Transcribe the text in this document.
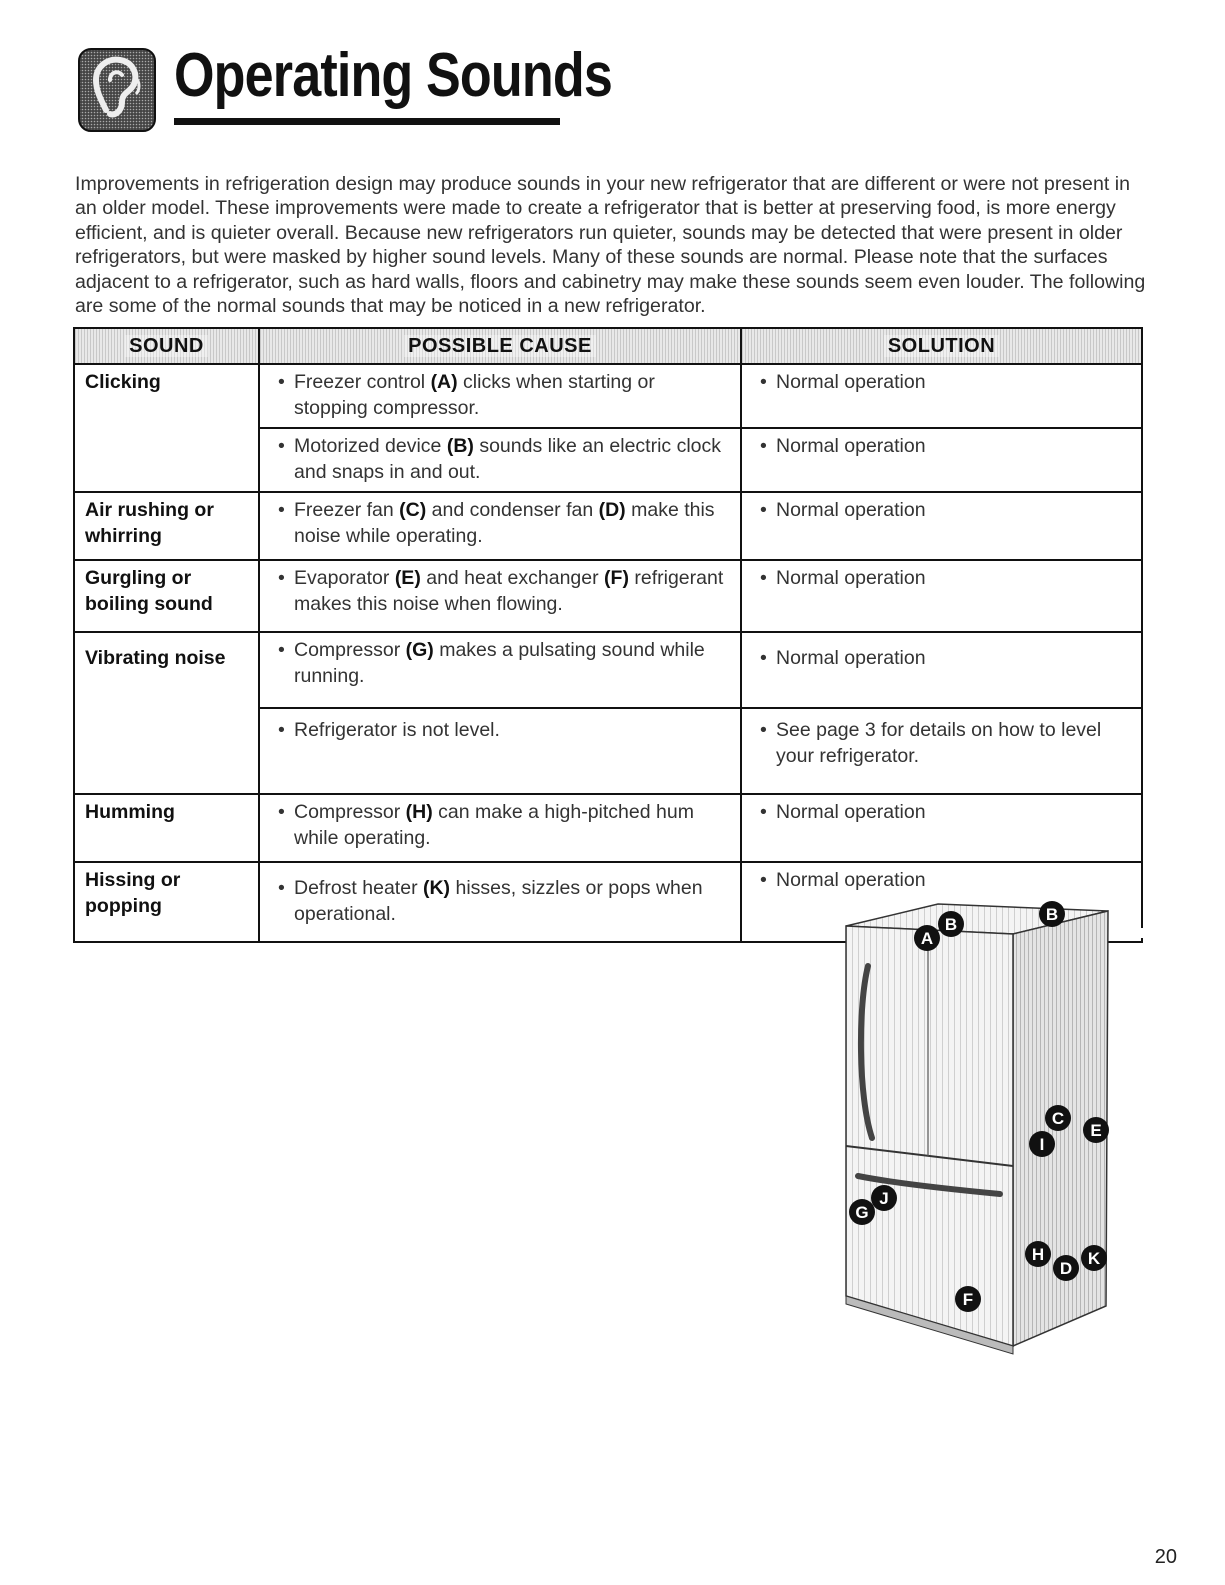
Operating Sounds

Improvements in refrigeration design may produce sounds in your new refrigerator that are different or were not present in an older model. These improvements were made to create a refrigerator that is better at preserving food, is more energy efficient, and is quieter overall. Because new refrigerators run quieter, sounds may be detected that were present in older refrigerators, but were masked by higher sound levels. Many of these sounds are normal. Please note that the surfaces adjacent to a refrigerator, such as hard walls, floors and cabinetry may make these sounds seem even louder. The following are some of the normal sounds that may be noticed in a new refrigerator.

SOUND	POSSIBLE CAUSE	SOLUTION
Clicking	• Freezer control (A) clicks when starting or stopping compressor.	• Normal operation

	• Motorized device (B) sounds like an electric clock and snaps in and out.	• Normal operation

Air rushing or whirring	• Freezer fan (C) and condenser fan (D) make this noise while operating.	• Normal operation

Gurgling or boiling sound	• Evaporator (E) and heat exchanger (F) refrigerant makes this noise when flowing.	• Normal operation

Vibrating noise	• Compressor (G) makes a pulsating sound while running.	• Normal operation

	• Refrigerator is not level.	• See page 3 for details on how to level your refrigerator.

Humming	• Compressor (H) can make a high-pitched hum while operating.	• Normal operation

Hissing or popping	• Defrost heater (K) hisses, sizzles or pops when operational.	• Normal operation
B
A
B
C
E
I
G
J
H
D
K
F
20
